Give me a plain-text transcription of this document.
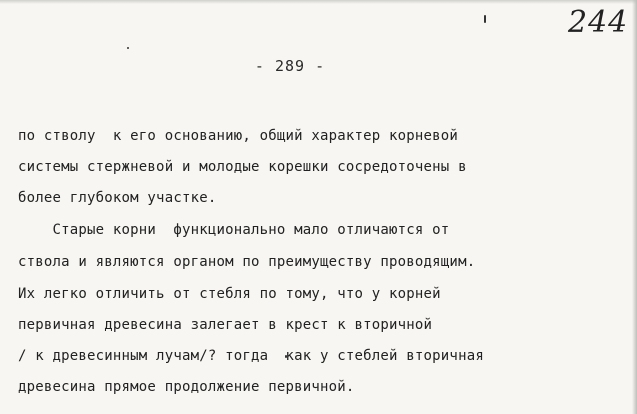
244
- 289 -
по стволу  к его основанию, общий характер корневой
системы стержневой и молодые корешки сосредоточены в
более глубоком участке.
Старые корни  функционально мало отличаются от
ствола и являются органом по преимуществу проводящим.
Их легко отличить от стебля по тому, что у корней
первичная древесина залегает в крест к вторичной
/ к древесинным лучам/? тогда  как у стеблей вторичная
древесина прямое продолжение первичной.
